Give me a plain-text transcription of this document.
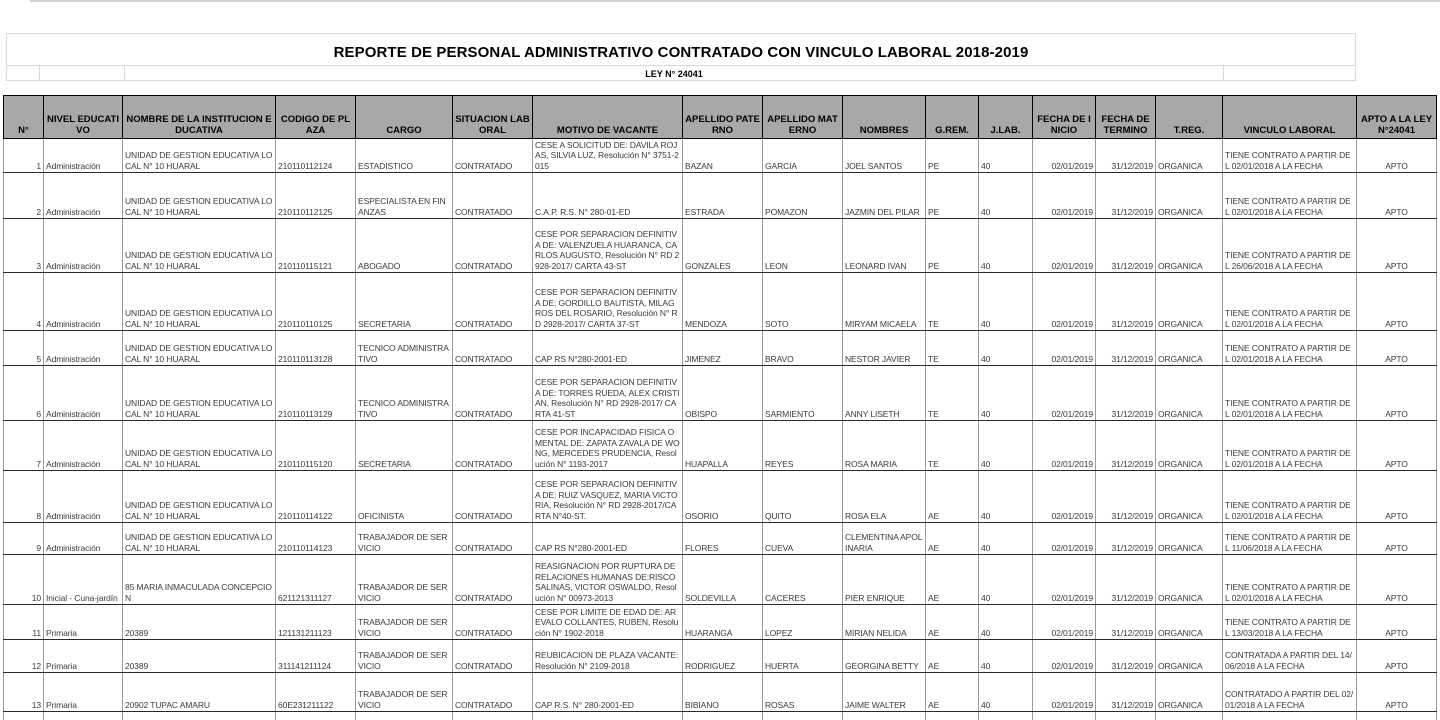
REPORTE DE PERSONAL ADMINISTRATIVO CONTRATADO CON VINCULO LABORAL 2018-2019
LEY N° 24041
N°	NIVEL EDUCATIVO	NOMBRE DE LA INSTITUCION EDUCATIVA	CODIGO DE PLAZA	CARGO	SITUACION LABORAL	MOTIVO DE VACANTE	APELLIDO PATERNO	APELLIDO MATERNO	NOMBRES	G.REM.	J.LAB.	FECHA DE INICIO	FECHA DE TERMINO	T.REG.	VINCULO LABORAL	APTO A LA LEY N°24041
1	Administración	UNIDAD DE GESTION EDUCATIVA LOCAL N° 10 HUARAL	210110112124	ESTADISTICO	CONTRATADO	CESE A SOLICITUD DE: DAVILA ROJAS, SILVIA LUZ, Resolución N° 3751-2015	BAZAN	GARCIA	JOEL SANTOS	PE	40	02/01/2019	31/12/2019	ORGANICA	TIENE CONTRATO A PARTIR DEL 02/01/2018 A LA FECHA	APTO
2	Administración	UNIDAD DE GESTION EDUCATIVA LOCAL N° 10 HUARAL	210110112125	ESPECIALISTA EN FINANZAS	CONTRATADO	C.A.P. R.S. N° 280-01-ED	ESTRADA	POMAZON	JAZMIN DEL PILAR	PE	40	02/01/2019	31/12/2019	ORGANICA	TIENE CONTRATO A PARTIR DEL 02/01/2018 A LA FECHA	APTO
3	Administración	UNIDAD DE GESTION EDUCATIVA LOCAL N° 10 HUARAL	210110115121	ABOGADO	CONTRATADO	CESE POR SEPARACION DEFINITIVA DE: VALENZUELA HUARANCA, CARLOS AUGUSTO, Resolución N° RD 2928-2017/ CARTA 43-ST	GONZALES	LEON	LEONARD IVAN	PE	40	02/01/2019	31/12/2019	ORGANICA	TIENE CONTRATO A PARTIR DEL 26/06/2018 A LA FECHA	APTO
4	Administración	UNIDAD DE GESTION EDUCATIVA LOCAL N° 10 HUARAL	210110110125	SECRETARIA	CONTRATADO	CESE POR SEPARACION DEFINITIVA DE: GORDILLO BAUTISTA, MILAGROS DEL ROSARIO, Resolución N° RD 2928-2017/ CARTA 37-ST	MENDOZA	SOTO	MIRYAM MICAELA	TE	40	02/01/2019	31/12/2019	ORGANICA	TIENE CONTRATO A PARTIR DEL 02/01/2018 A LA FECHA	APTO
5	Administración	UNIDAD DE GESTION EDUCATIVA LOCAL N° 10 HUARAL	210110113128	TECNICO ADMINISTRATIVO	CONTRATADO	CAP RS N°280-2001-ED	JIMENEZ	BRAVO	NESTOR JAVIER	TE	40	02/01/2019	31/12/2019	ORGANICA	TIENE CONTRATO A PARTIR DEL 02/01/2018 A LA FECHA	APTO
6	Administración	UNIDAD DE GESTION EDUCATIVA LOCAL N° 10 HUARAL	210110113129	TECNICO ADMINISTRATIVO	CONTRATADO	CESE POR SEPARACION DEFINITIVA DE: TORRES RUEDA, ALEX CRISTIAN, Resolución N° RD 2928-2017/ CARTA 41-ST	OBISPO	SARMIENTO	ANNY LISETH	TE	40	02/01/2019	31/12/2019	ORGANICA	TIENE CONTRATO A PARTIR DEL 02/01/2018 A LA FECHA	APTO
7	Administración	UNIDAD DE GESTION EDUCATIVA LOCAL N° 10 HUARAL	210110115120	SECRETARIA	CONTRATADO	CESE POR INCAPACIDAD FISICA O MENTAL DE: ZAPATA ZAVALA DE WONG, MERCEDES PRUDENCIA, Resolución N° 1193-2017	HUAPALLA	REYES	ROSA MARIA	TE	40	02/01/2019	31/12/2019	ORGANICA	TIENE CONTRATO A PARTIR DEL 02/01/2018 A LA FECHA	APTO
8	Administración	UNIDAD DE GESTION EDUCATIVA LOCAL N° 10 HUARAL	210110114122	OFICINISTA	CONTRATADO	CESE POR SEPARACION DEFINITIVA DE: RUIZ VASQUEZ, MARIA VICTORIA, Resolución N° RD 2928-2017/CARTA N°40-ST.	OSORIO	QUITO	ROSA ELA	AE	40	02/01/2019	31/12/2019	ORGANICA	TIENE CONTRATO A PARTIR DEL 02/01/2018 A LA FECHA	APTO
9	Administración	UNIDAD DE GESTION EDUCATIVA LOCAL N° 10 HUARAL	210110114123	TRABAJADOR DE SERVICIO	CONTRATADO	CAP RS N°280-2001-ED	FLORES	CUEVA	CLEMENTINA APOLINARIA	AE	40	02/01/2019	31/12/2019	ORGANICA	TIENE CONTRATO A PARTIR DEL 11/06/2018 A LA FECHA	APTO
10	Inicial - Cuna-jardín	85 MARIA INMACULADA CONCEPCION	621121311127	TRABAJADOR DE SERVICIO	CONTRATADO	REASIGNACION POR RUPTURA DE RELACIONES HUMANAS DE:RISCO SALINAS, VICTOR OSWALDO, Resolución N° 00973-2013	SOLDEVILLA	CACERES	PIER ENRIQUE	AE	40	02/01/2019	31/12/2019	ORGANICA	TIENE CONTRATO A PARTIR DEL 02/01/2018 A LA FECHA	APTO
11	Primaria	20389	121131211123	TRABAJADOR DE SERVICIO	CONTRATADO	CESE POR LIMITE DE EDAD DE: AREVALO COLLANTES, RUBEN, Resolución N° 1902-2018	HUARANGA	LOPEZ	MIRIAN NELIDA	AE	40	02/01/2019	31/12/2019	ORGANICA	TIENE CONTRATO A PARTIR DEL 13/03/2018 A LA FECHA	APTO
12	Primaria	20389	311141211124	TRABAJADOR DE SERVICIO	CONTRATADO	REUBICACION DE PLAZA VACANTE: Resolución N° 2109-2018	RODRIGUEZ	HUERTA	GEORGINA BETTY	AE	40	02/01/2019	31/12/2019	ORGANICA	CONTRATADA A PARTIR DEL 14/06/2018 A LA FECHA	APTO
13	Primaria	20902 TUPAC AMARU	60E231211122	TRABAJADOR DE SERVICIO	CONTRATADO	CAP R.S. N° 280-2001-ED	BIBIANO	ROSAS	JAIME WALTER	AE	40	02/01/2019	31/12/2019	ORGANICA	CONTRATADO A PARTIR DEL 02/01/2018 A LA FECHA	APTO
